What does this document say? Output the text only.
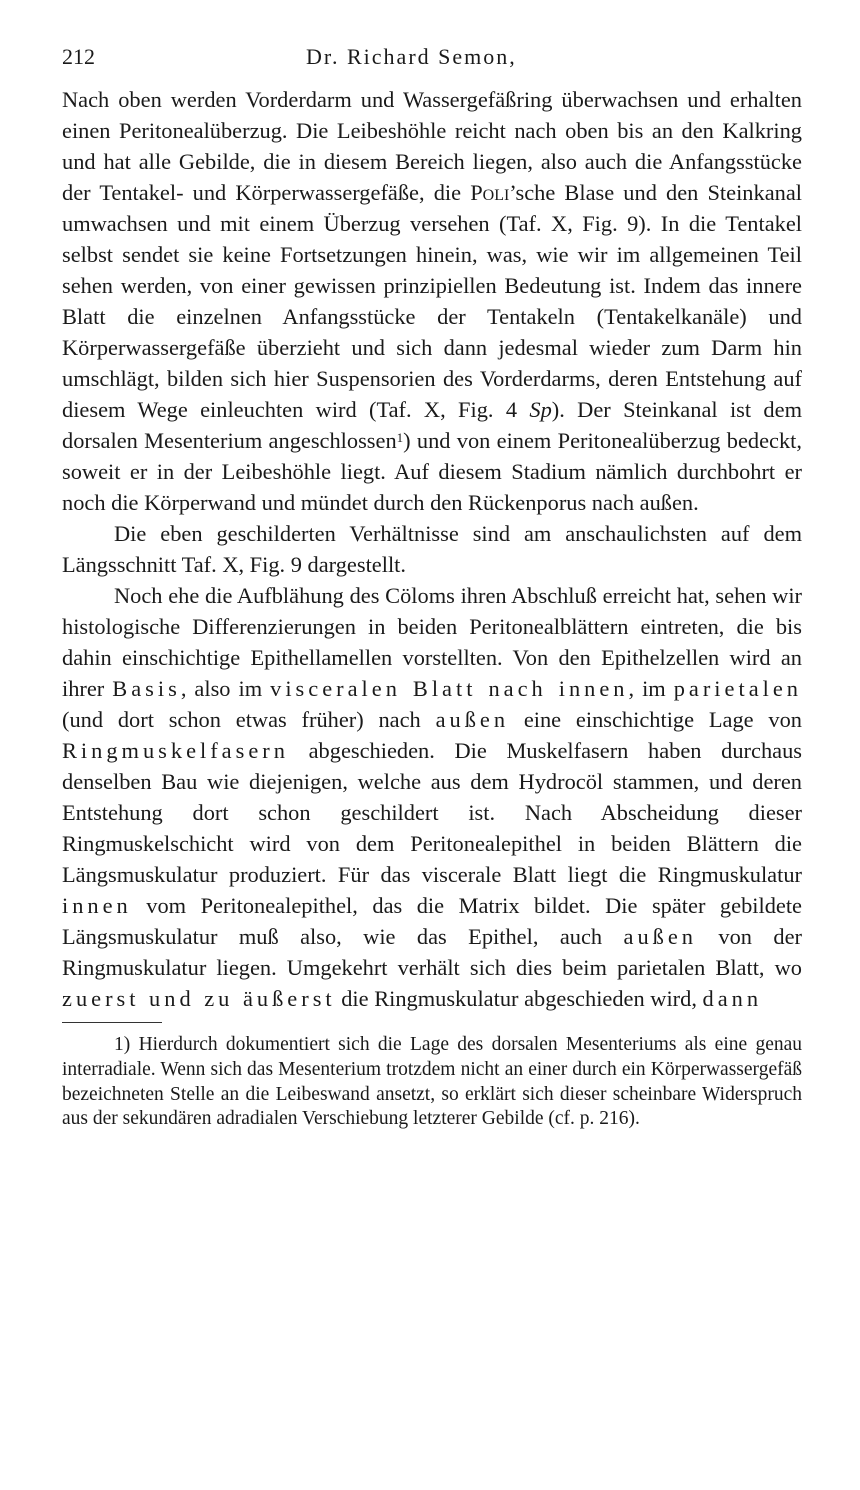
212	Dr. Richard Semon,

Nach oben werden Vorderdarm und Wassergefäßring überwachsen und erhalten einen Peritonealüberzug. Die Leibeshöhle reicht nach oben bis an den Kalkring und hat alle Gebilde, die in diesem Bereich liegen, also auch die Anfangsstücke der Tentakel- und Körperwassergefäße, die Poli’sche Blase und den Steinkanal umwachsen und mit einem Überzug versehen (Taf. X, Fig. 9). In die Tentakel selbst sendet sie keine Fortsetzungen hinein, was, wie wir im allgemeinen Teil sehen werden, von einer gewissen prinzipiellen Bedeutung ist. Indem das innere Blatt die einzelnen Anfangsstücke der Tentakeln (Tentakelkanäle) und Körperwassergefäße überzieht und sich dann jedesmal wieder zum Darm hin umschlägt, bilden sich hier Suspensorien des Vorderdarms, deren Entstehung auf diesem Wege einleuchten wird (Taf. X, Fig. 4 Sp). Der Steinkanal ist dem dorsalen Mesenterium angeschlossen$^1$) und von einem Peritonealüberzug bedeckt, soweit er in der Leibeshöhle liegt. Auf diesem Stadium nämlich durchbohrt er noch die Körperwand und mündet durch den Rückenporus nach außen.

Die eben geschilderten Verhältnisse sind am anschaulichsten auf dem Längsschnitt Taf. X, Fig. 9 dargestellt.

Noch ehe die Aufblähung des Cöloms ihren Abschluß erreicht hat, sehen wir histologische Differenzierungen in beiden Peritonealblättern eintreten, die bis dahin einschichtige Epithellamellen vorstellten. Von den Epithelzellen wird an ihrer Basis, also im visceralen Blatt nach innen, im parietalen (und dort schon etwas früher) nach außen eine einschichtige Lage von Ringmuskelfasern abgeschieden. Die Muskelfasern haben durchaus denselben Bau wie diejenigen, welche aus dem Hydrocöl stammen, und deren Entstehung dort schon geschildert ist. Nach Abscheidung dieser Ringmuskelschicht wird von dem Peritonealepithel in beiden Blättern die Längsmuskulatur produziert. Für das viscerale Blatt liegt die Ringmuskulatur innen vom Peritonealepithel, das die Matrix bildet. Die später gebildete Längsmuskulatur muß also, wie das Epithel, auch außen von der Ringmuskulatur liegen. Umgekehrt verhält sich dies beim parietalen Blatt, wo zuerst und zu äußerst die Ringmuskulatur abgeschieden wird, dann

1) Hierdurch dokumentiert sich die Lage des dorsalen Mesenteriums als eine genau interradiale. Wenn sich das Mesenterium trotzdem nicht an einer durch ein Körperwassergefäß bezeichneten Stelle an die Leibeswand ansetzt, so erklärt sich dieser scheinbare Widerspruch aus der sekundären adradialen Verschiebung letzterer Gebilde (cf. p. 216).
